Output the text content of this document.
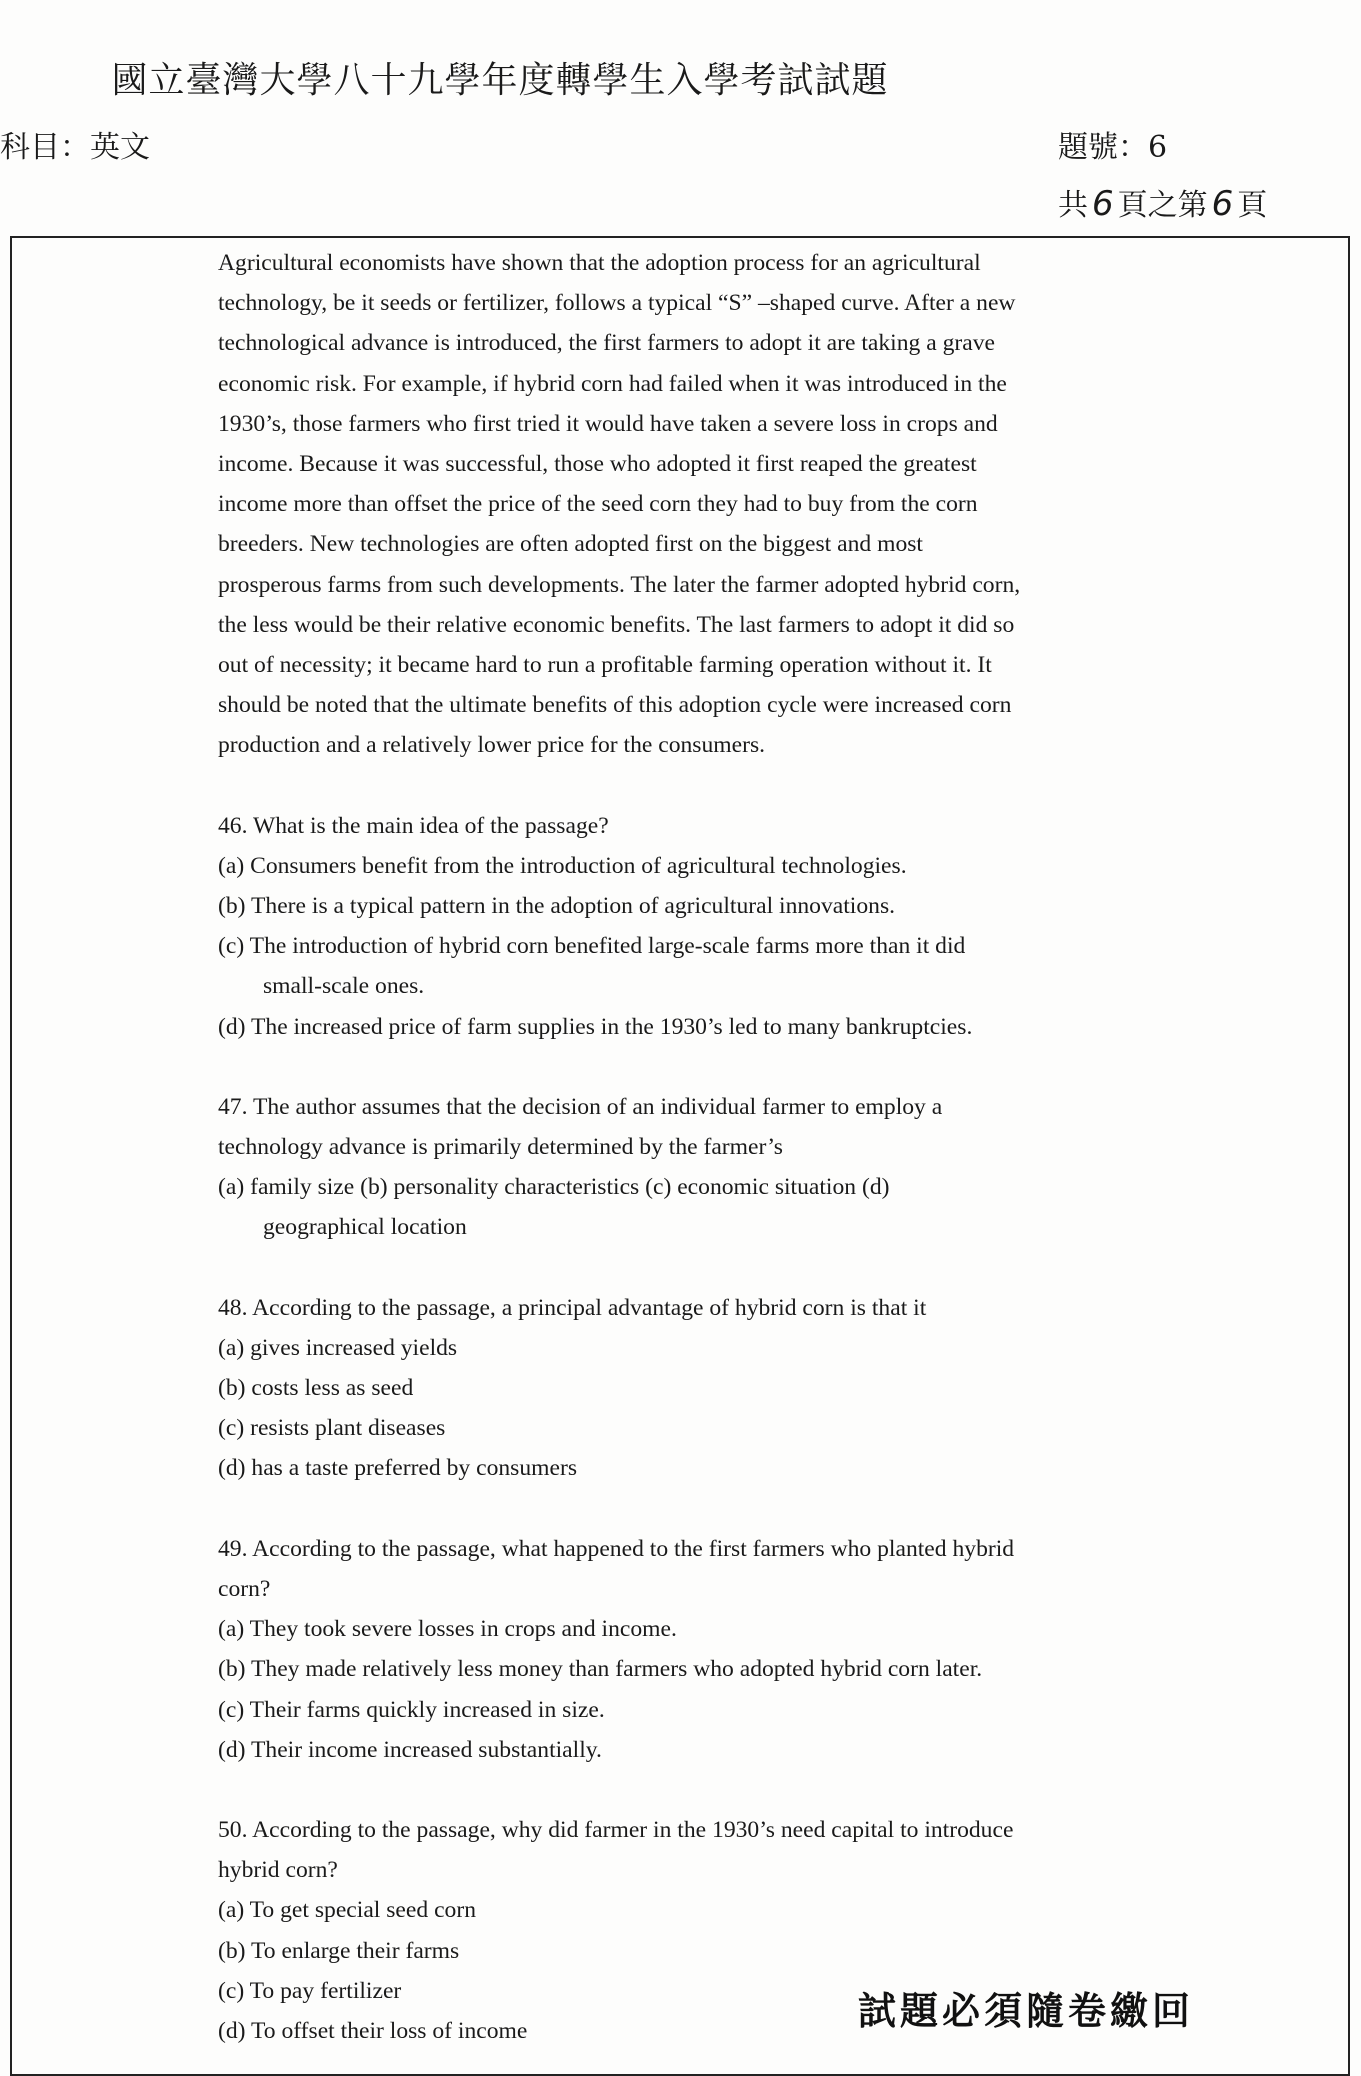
國立臺灣大學八十九學年度轉學生入學考試試題
科目：英文	題號：6
共 6 頁之第 6 頁
Agricultural economists have shown that the adoption process for an agricultural
technology, be it seeds or fertilizer, follows a typical “S” –shaped curve. After a new
technological advance is introduced, the first farmers to adopt it are taking a grave
economic risk. For example, if hybrid corn had failed when it was introduced in the
1930’s, those farmers who first tried it would have taken a severe loss in crops and
income. Because it was successful, those who adopted it first reaped the greatest
income more than offset the price of the seed corn they had to buy from the corn
breeders. New technologies are often adopted first on the biggest and most
prosperous farms from such developments. The later the farmer adopted hybrid corn,
the less would be their relative economic benefits. The last farmers to adopt it did so
out of necessity; it became hard to run a profitable farming operation without it. It
should be noted that the ultimate benefits of this adoption cycle were increased corn
production and a relatively lower price for the consumers.
46. What is the main idea of the passage?
(a) Consumers benefit from the introduction of agricultural technologies.
(b) There is a typical pattern in the adoption of agricultural innovations.
(c) The introduction of hybrid corn benefited large-scale farms more than it did
small-scale ones.
(d) The increased price of farm supplies in the 1930’s led to many bankruptcies.
47. The author assumes that the decision of an individual farmer to employ a
technology advance is primarily determined by the farmer’s
(a) family size (b) personality characteristics (c) economic situation (d)
geographical location
48. According to the passage, a principal advantage of hybrid corn is that it
(a) gives increased yields
(b) costs less as seed
(c) resists plant diseases
(d) has a taste preferred by consumers
49. According to the passage, what happened to the first farmers who planted hybrid
corn?
(a) They took severe losses in crops and income.
(b) They made relatively less money than farmers who adopted hybrid corn later.
(c) Their farms quickly increased in size.
(d) Their income increased substantially.
50. According to the passage, why did farmer in the 1930’s need capital to introduce
hybrid corn?
(a) To get special seed corn
(b) To enlarge their farms
(c) To pay fertilizer
(d) To offset their loss of income	試題必須隨卷繳回
